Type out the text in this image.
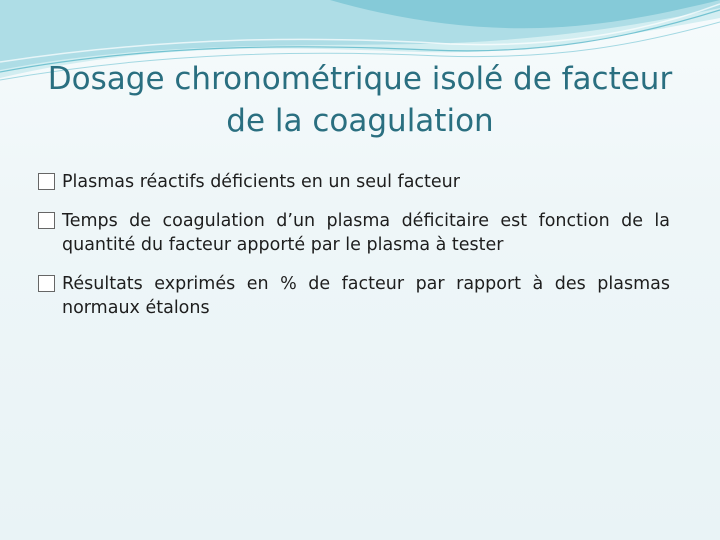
Dosage chronométrique isolé de facteur
de la coagulation
Plasmas réactifs déficients en un seul facteur
Temps de coagulation d’un plasma déficitaire est fonction de la quantité du facteur apporté par le plasma à tester
Résultats exprimés en % de facteur par rapport à des plasmas normaux étalons
